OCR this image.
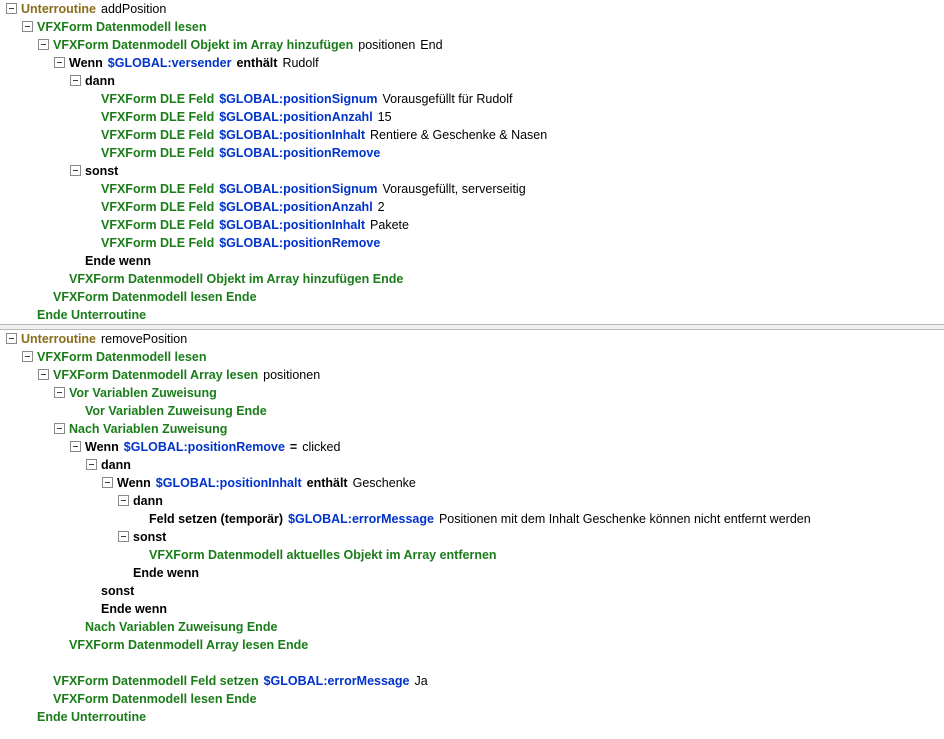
Unterroutine addPosition
VFXForm Datenmodell lesen
VFXForm Datenmodell Objekt im Array hinzufügen positionen End
Wenn $GLOBAL:versender enthält Rudolf
dann
VFXForm DLE Feld $GLOBAL:positionSignum Vorausgefüllt für Rudolf
VFXForm DLE Feld $GLOBAL:positionAnzahl 15
VFXForm DLE Feld $GLOBAL:positionInhalt Rentiere & Geschenke & Nasen
VFXForm DLE Feld $GLOBAL:positionRemove
sonst
VFXForm DLE Feld $GLOBAL:positionSignum Vorausgefüllt, serverseitig
VFXForm DLE Feld $GLOBAL:positionAnzahl 2
VFXForm DLE Feld $GLOBAL:positionInhalt Pakete
VFXForm DLE Feld $GLOBAL:positionRemove
Ende wenn
VFXForm Datenmodell Objekt im Array hinzufügen Ende
VFXForm Datenmodell lesen Ende
Ende Unterroutine
Unterroutine removePosition
VFXForm Datenmodell lesen
VFXForm Datenmodell Array lesen positionen
Vor Variablen Zuweisung
Vor Variablen Zuweisung Ende
Nach Variablen Zuweisung
Wenn $GLOBAL:positionRemove = clicked
dann
Wenn $GLOBAL:positionInhalt enthält Geschenke
dann
Feld setzen (temporär) $GLOBAL:errorMessage Positionen mit dem Inhalt Geschenke können nicht entfernt werden
sonst
VFXForm Datenmodell aktuelles Objekt im Array entfernen
Ende wenn
sonst
Ende wenn
Nach Variablen Zuweisung Ende
VFXForm Datenmodell Array lesen Ende
VFXForm Datenmodell Feld setzen $GLOBAL:errorMessage Ja
VFXForm Datenmodell lesen Ende
Ende Unterroutine
